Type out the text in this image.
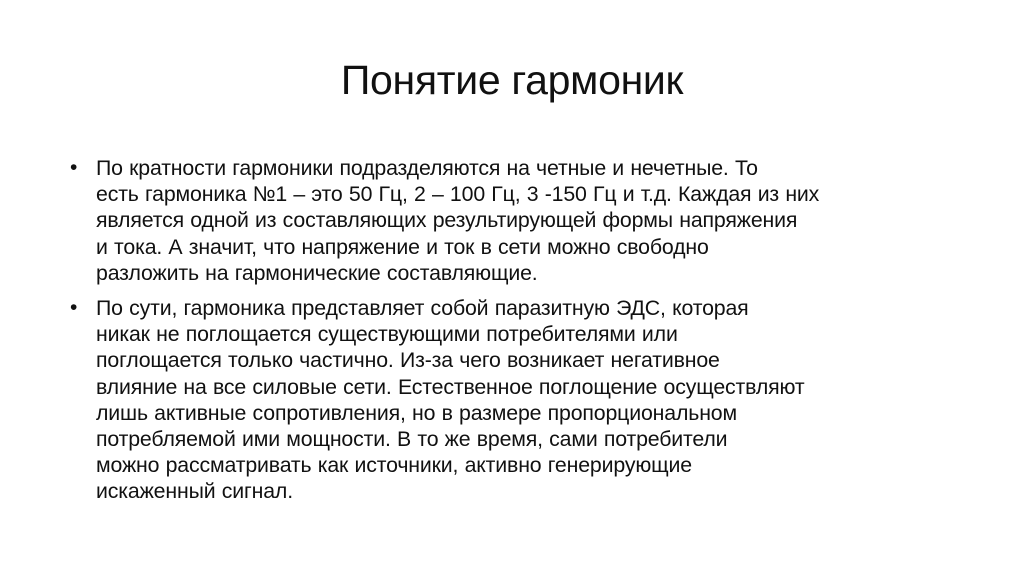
Понятие гармоник
• По кратности гармоники подразделяются на четные и нечетные. То
есть гармоника №1 – это 50 Гц, 2 – 100 Гц, 3 -150 Гц и т.д. Каждая из них
является одной из составляющих результирующей формы напряжения
и тока. А значит, что напряжение и ток в сети можно свободно
разложить на гармонические составляющие.
• По сути, гармоника представляет собой паразитную ЭДС, которая
никак не поглощается существующими потребителями или
поглощается только частично. Из-за чего возникает негативное
влияние на все силовые сети. Естественное поглощение осуществляют
лишь активные сопротивления, но в размере пропорциональном
потребляемой ими мощности. В то же время, сами потребители
можно рассматривать как источники, активно генерирующие
искаженный сигнал.
